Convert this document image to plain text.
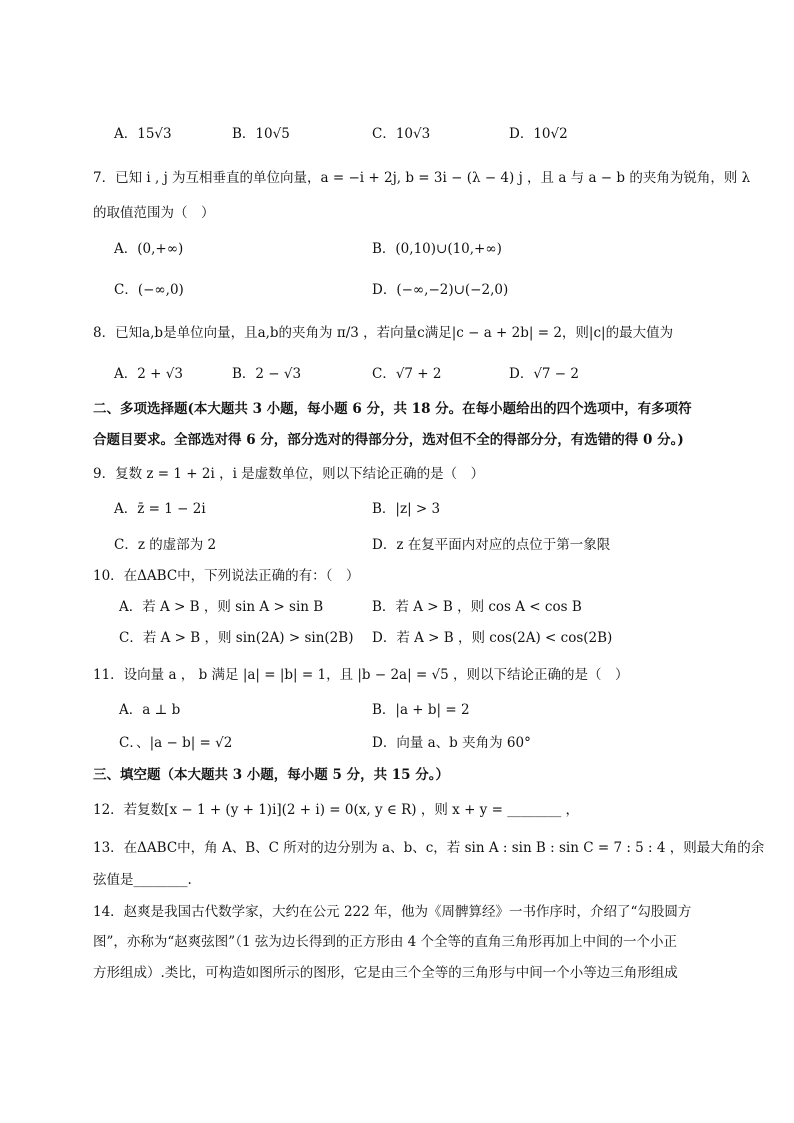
A．15√3	B．10√5	C．10√3	D．10√2
7．已知 i , j 为互相垂直的单位向量，a = −i + 2j, b = 3i − (λ − 4) j ，且 a 与 a − b 的夹角为锐角，则 λ
的取值范围为（　）
A．(0,+∞)	B．(0,10)∪(10,+∞)
C．(−∞,0)	D．(−∞,−2)∪(−2,0)
8．已知a,b是单位向量，且a,b的夹角为 π/3 ，若向量c满足|c − a + 2b| = 2，则|c|的最大值为
A．2 + √3	B．2 − √3	C．√7 + 2	D．√7 − 2
二、多项选择题(本大题共 3 小题，每小题 6 分，共 18 分。在每小题给出的四个选项中，有多项符
合题目要求。全部选对得 6 分，部分选对的得部分分，选对但不全的得部分分，有选错的得 0 分。)
9．复数 z = 1 + 2i ，i 是虚数单位，则以下结论正确的是（　）
A．z̄ = 1 − 2i	B．|z| > 3
C．z 的虚部为 2	D．z 在复平面内对应的点位于第一象限
10．在ΔABC中，下列说法正确的有：（　）
A．若 A > B ，则 sin A > sin B	B．若 A > B ，则 cos A < cos B
C．若 A > B ，则 sin(2A) > sin(2B) D．若 A > B ，则 cos(2A) < cos(2B)
11．设向量 a ， b 满足 |a| = |b| = 1，且 |b − 2a| = √5 ，则以下结论正确的是（　）
A．a ⊥ b	B．|a + b| = 2
C．、|a − b| = √2	D．向量 a、b 夹角为 60°
三、填空题（本大题共 3 小题，每小题 5 分，共 15 分。）
12．若复数[x − 1 + (y + 1)i](2 + i) = 0(x, y ∈ R) ，则 x + y = ________ ，
13．在ΔABC中，角 A、B、C 所对的边分别为 a、b、c，若 sin A : sin B : sin C = 7 : 5 : 4 ，则最大角的余
弦值是________.
14．赵爽是我国古代数学家，大约在公元 222 年，他为《周髀算经》一书作序时，介绍了“勾股圆方
图”，亦称为“赵爽弦图”（1 弦为边长得到的正方形由 4 个全等的直角三角形再加上中间的一个小正
方形组成）.类比，可构造如图所示的图形，它是由三个全等的三角形与中间一个小等边三角形组成
